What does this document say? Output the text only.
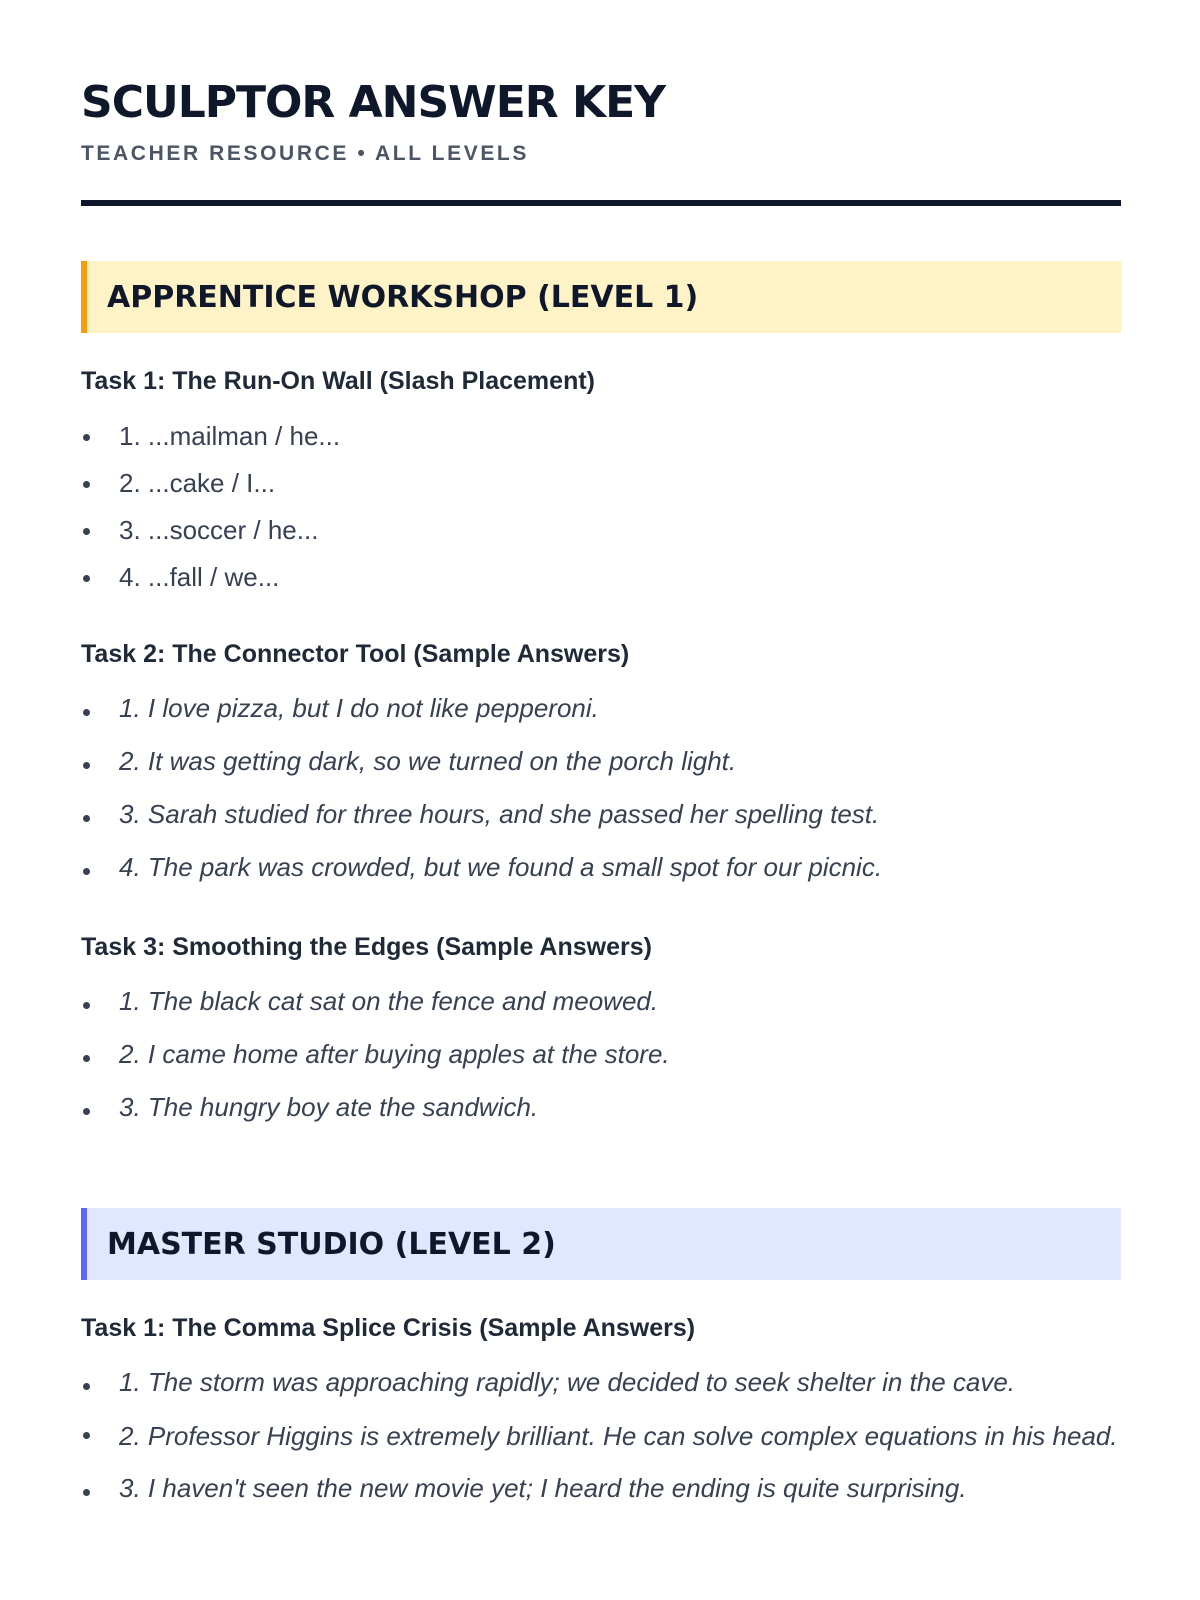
SCULPTOR ANSWER KEY
TEACHER RESOURCE • ALL LEVELS
APPRENTICE WORKSHOP (LEVEL 1)
Task 1: The Run-On Wall (Slash Placement)
1. ...mailman / he...
2. ...cake / I...
3. ...soccer / he...
4. ...fall / we...
Task 2: The Connector Tool (Sample Answers)
1. I love pizza, but I do not like pepperoni.
2. It was getting dark, so we turned on the porch light.
3. Sarah studied for three hours, and she passed her spelling test.
4. The park was crowded, but we found a small spot for our picnic.
Task 3: Smoothing the Edges (Sample Answers)
1. The black cat sat on the fence and meowed.
2. I came home after buying apples at the store.
3. The hungry boy ate the sandwich.
MASTER STUDIO (LEVEL 2)
Task 1: The Comma Splice Crisis (Sample Answers)
1. The storm was approaching rapidly; we decided to seek shelter in the cave.
2. Professor Higgins is extremely brilliant. He can solve complex equations in his head.
3. I haven't seen the new movie yet; I heard the ending is quite surprising.
